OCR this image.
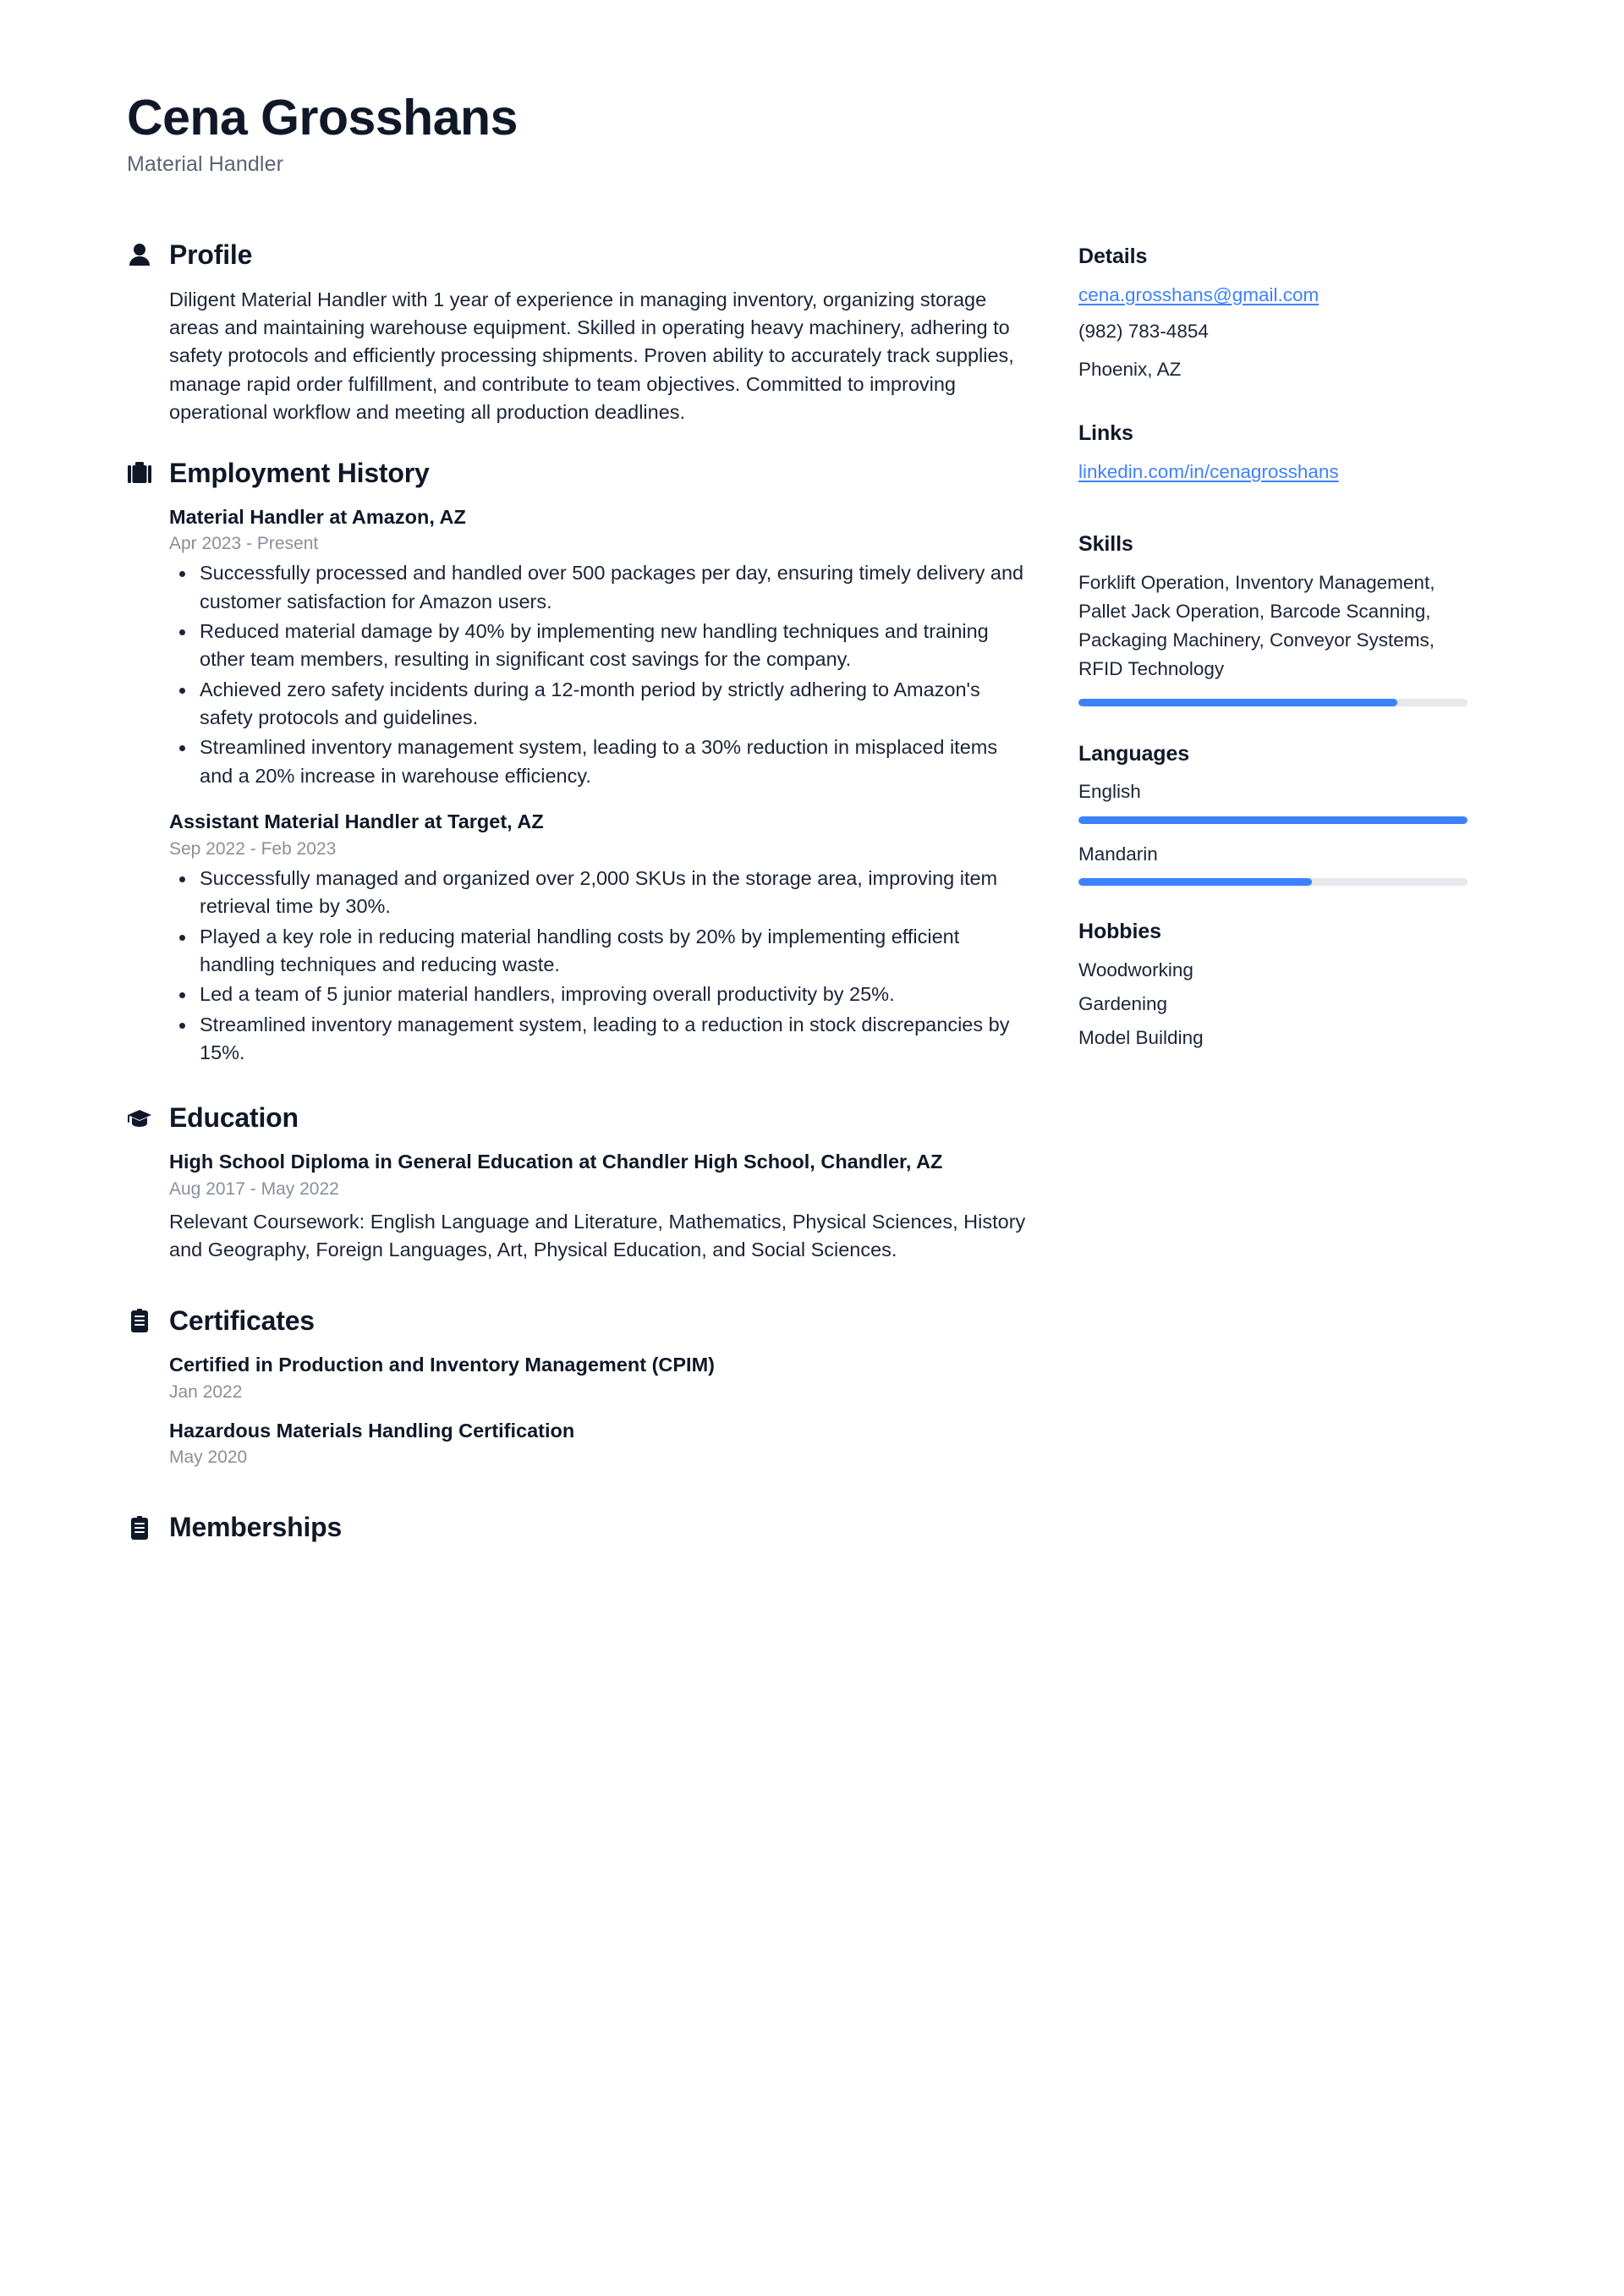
Cena Grosshans
Material Handler
Profile

Diligent Material Handler with 1 year of experience in managing inventory, organizing storage areas and maintaining warehouse equipment. Skilled in operating heavy machinery, adhering to safety protocols and efficiently processing shipments. Proven ability to accurately track supplies, manage rapid order fulfillment, and contribute to team objectives. Committed to improving operational workflow and meeting all production deadlines.

Employment History
Material Handler at Amazon, AZ
Apr 2023 - Present
Successfully processed and handled over 500 packages per day, ensuring timely delivery and customer satisfaction for Amazon users.
Reduced material damage by 40% by implementing new handling techniques and training other team members, resulting in significant cost savings for the company.
Achieved zero safety incidents during a 12-month period by strictly adhering to Amazon's safety protocols and guidelines.
Streamlined inventory management system, leading to a 30% reduction in misplaced items and a 20% increase in warehouse efficiency.
Assistant Material Handler at Target, AZ
Sep 2022 - Feb 2023
Successfully managed and organized over 2,000 SKUs in the storage area, improving item retrieval time by 30%.
Played a key role in reducing material handling costs by 20% by implementing efficient handling techniques and reducing waste.
Led a team of 5 junior material handlers, improving overall productivity by 25%.
Streamlined inventory management system, leading to a reduction in stock discrepancies by 15%.
Education
High School Diploma in General Education at Chandler High School, Chandler, AZ
Aug 2017 - May 2022
Relevant Coursework: English Language and Literature, Mathematics, Physical Sciences, History and Geography, Foreign Languages, Art, Physical Education, and Social Sciences.
Certificates
Certified in Production and Inventory Management (CPIM)
Jan 2022
Hazardous Materials Handling Certification
May 2020
Memberships
Details
cena.grosshans@gmail.com
(982) 783-4854
Phoenix, AZ
Links
linkedin.com/in/cenagrosshans
Skills
Forklift Operation, Inventory Management, Pallet Jack Operation, Barcode Scanning, Packaging Machinery, Conveyor Systems, RFID Technology
Languages
English
Mandarin
Hobbies
Woodworking
Gardening
Model Building
